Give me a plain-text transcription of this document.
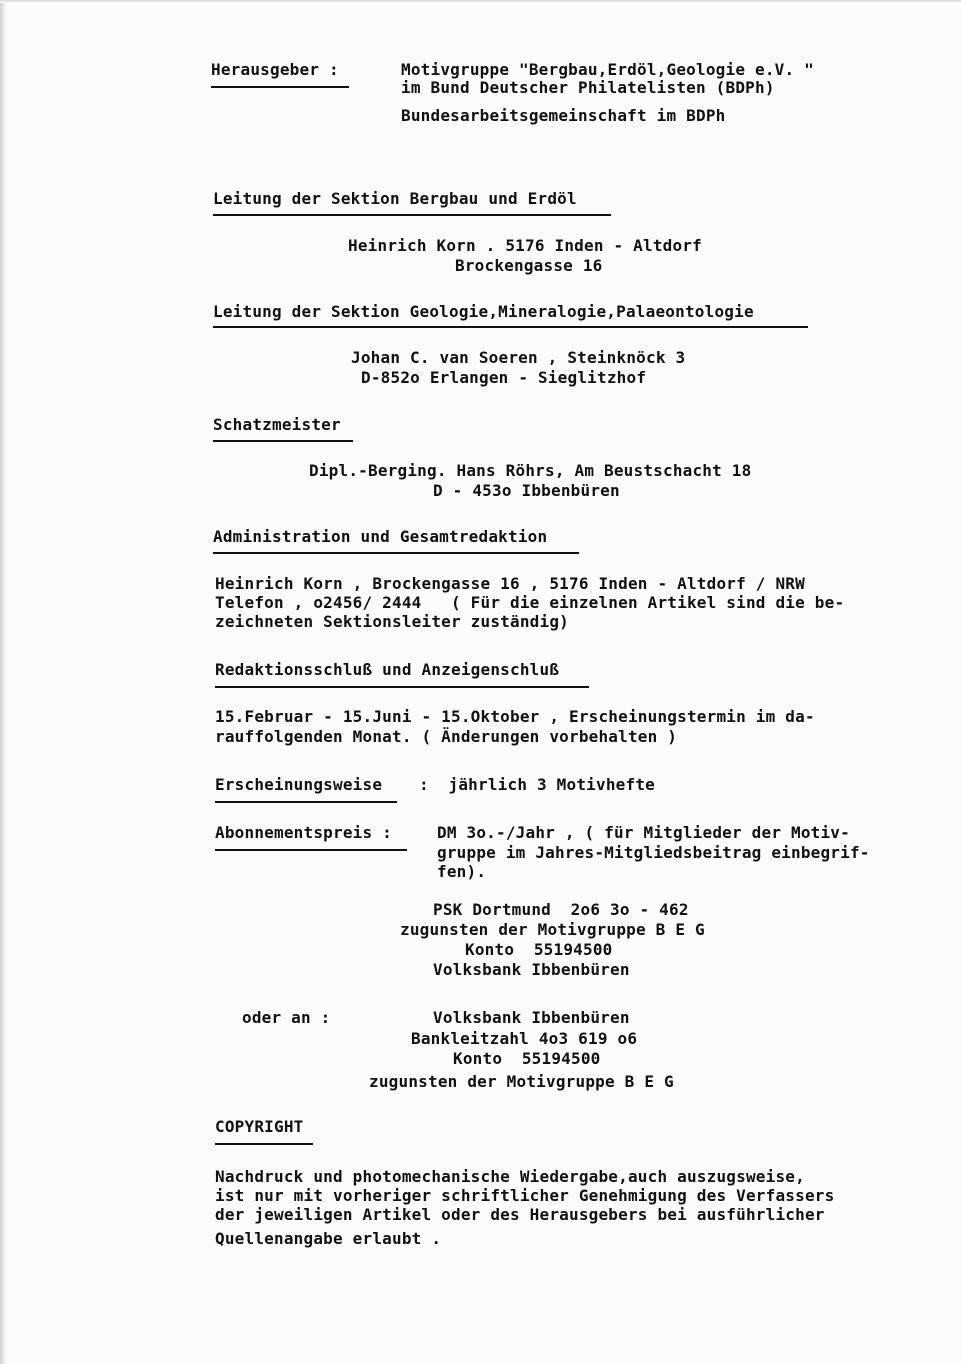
Herausgeber :	Motivgruppe "Bergbau,Erdöl,Geologie e.V. "
im Bund Deutscher Philatelisten (BDPh)
Bundesarbeitsgemeinschaft im BDPh
Leitung der Sektion Bergbau und Erdöl
Heinrich Korn . 5176 Inden - Altdorf
Brockengasse 16
Leitung der Sektion Geologie,Mineralogie,Palaeontologie
Johan C. van Soeren , Steinknöck 3
D-852o Erlangen - Sieglitzhof
Schatzmeister
Dipl.-Berging. Hans Röhrs, Am Beustschacht 18
D - 453o Ibbenbüren
Administration und Gesamtredaktion
Heinrich Korn , Brockengasse 16 , 5176 Inden - Altdorf / NRW
Telefon , o2456/ 2444   ( Für die einzelnen Artikel sind die be-
zeichneten Sektionsleiter zuständig)
Redaktionsschluß und Anzeigenschluß
15.Februar - 15.Juni - 15.Oktober , Erscheinungstermin im da-
rauffolgenden Monat. ( Änderungen vorbehalten )
Erscheinungsweise :  jährlich 3 Motivhefte
Abonnementspreis :	DM 3o.-/Jahr , ( für Mitglieder der Motiv-
gruppe im Jahres-Mitgliedsbeitrag einbegrif-
fen).
PSK Dortmund  2o6 3o - 462
zugunsten der Motivgruppe B E G
Konto  55194500
Volksbank Ibbenbüren
oder an :	Volksbank Ibbenbüren
Bankleitzahl 4o3 619 o6
Konto  55194500
zugunsten der Motivgruppe B E G
COPYRIGHT
Nachdruck und photomechanische Wiedergabe,auch auszugsweise,
ist nur mit vorheriger schriftlicher Genehmigung des Verfassers
der jeweiligen Artikel oder des Herausgebers bei ausführlicher
Quellenangabe erlaubt .
